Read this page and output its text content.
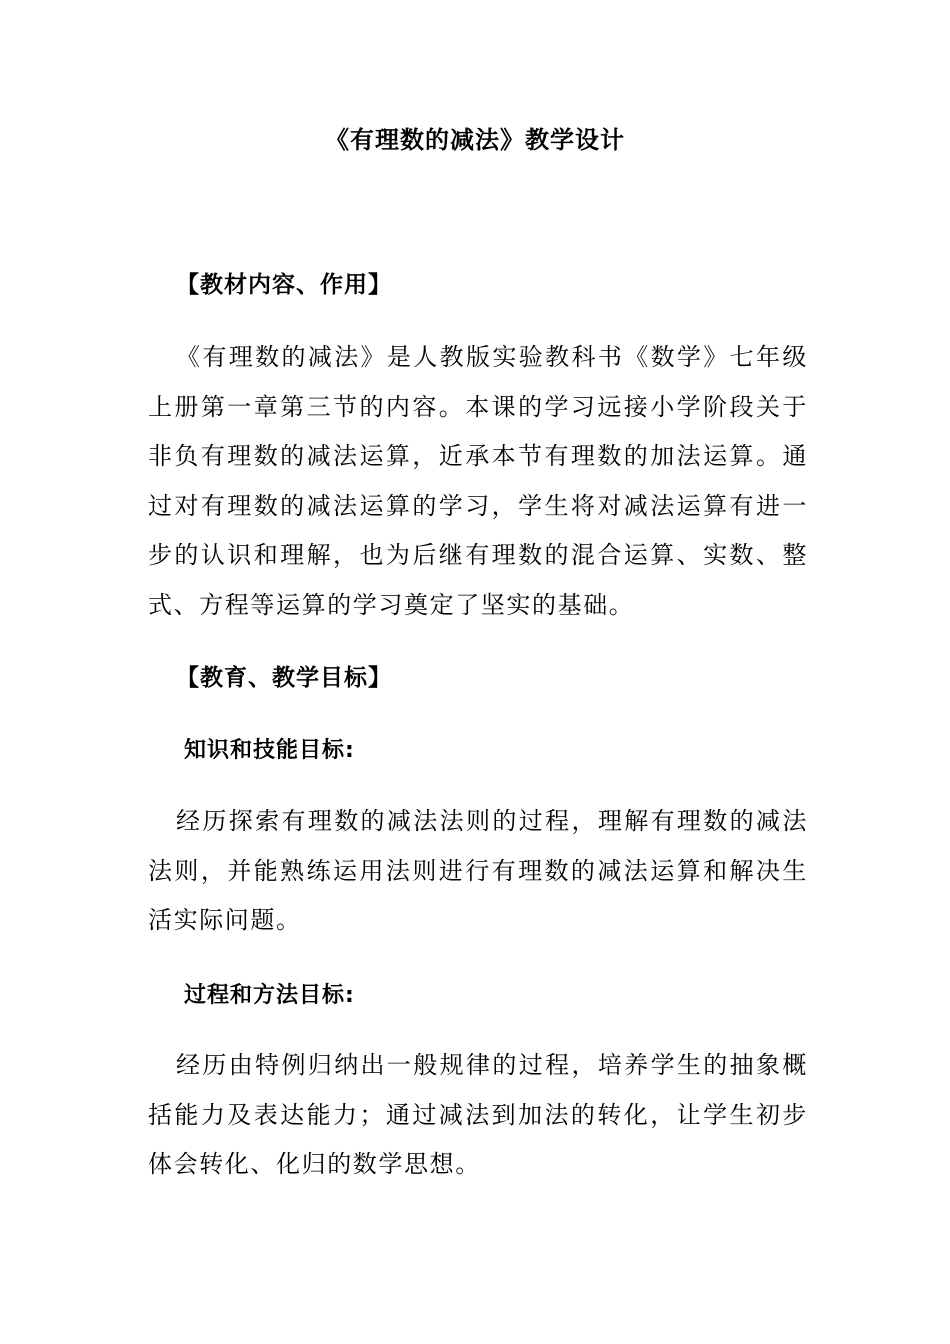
《有理数的减法》教学设计
【教材内容、作用】
《有理数的减法》是人教版实验教科书《数学》七年级上册第一章第三节的内容。本课的学习远接小学阶段关于非负有理数的减法运算，近承本节有理数的加法运算。通过对有理数的减法运算的学习，学生将对减法运算有进一步的认识和理解，也为后继有理数的混合运算、实数、整式、方程等运算的学习奠定了坚实的基础。
【教育、教学目标】
知识和技能目标:
经历探索有理数的减法法则的过程，理解有理数的减法法则，并能熟练运用法则进行有理数的减法运算和解决生活实际问题。
过程和方法目标:
经历由特例归纳出一般规律的过程，培养学生的抽象概括能力及表达能力；通过减法到加法的转化，让学生初步体会转化、化归的数学思想。
